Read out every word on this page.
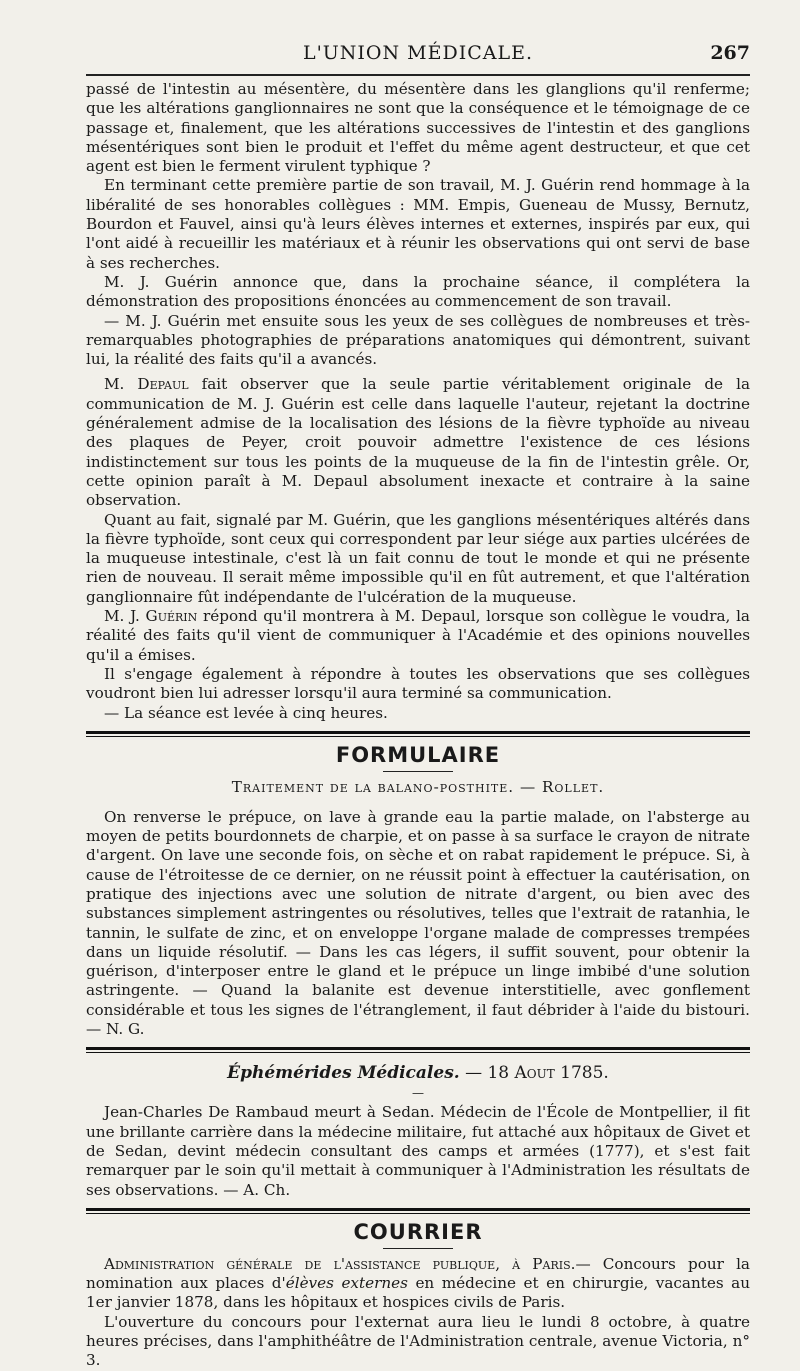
L'UNION MÉDICALE.	267

passé de l'intestin au mésentère, du mésentère dans les glanglions qu'il renferme; que les altérations ganglionnaires ne sont que la conséquence et le témoignage de ce passage et, finalement, que les altérations successives de l'intestin et des ganglions mésentériques sont bien le produit et l'effet du même agent destructeur, et que cet agent est bien le ferment virulent typhique ?

En terminant cette première partie de son travail, M. J. Guérin rend hommage à la libéralité de ses honorables collègues : MM. Empis, Gueneau de Mussy, Bernutz, Bourdon et Fauvel, ainsi qu'à leurs élèves internes et externes, inspirés par eux, qui l'ont aidé à recueillir les matériaux et à réunir les observations qui ont servi de base à ses recherches.

M. J. Guérin annonce que, dans la prochaine séance, il complétera la démonstration des propositions énoncées au commencement de son travail.

— M. J. Guérin met ensuite sous les yeux de ses collègues de nombreuses et très-remarquables photographies de préparations anatomiques qui démontrent, suivant lui, la réalité des faits qu'il a avancés.

M. Depaul fait observer que la seule partie véritablement originale de la communication de M. J. Guérin est celle dans laquelle l'auteur, rejetant la doctrine généralement admise de la localisation des lésions de la fièvre typhoïde au niveau des plaques de Peyer, croit pouvoir admettre l'existence de ces lésions indistinctement sur tous les points de la muqueuse de la fin de l'intestin grêle. Or, cette opinion paraît à M. Depaul absolument inexacte et contraire à la saine observation.

Quant au fait, signalé par M. Guérin, que les ganglions mésentériques altérés dans la fièvre typhoïde, sont ceux qui correspondent par leur siége aux parties ulcérées de la muqueuse intestinale, c'est là un fait connu de tout le monde et qui ne présente rien de nouveau. Il serait même impossible qu'il en fût autrement, et que l'altération ganglionnaire fût indépendante de l'ulcération de la muqueuse.

M. J. Guérin répond qu'il montrera à M. Depaul, lorsque son collègue le voudra, la réalité des faits qu'il vient de communiquer à l'Académie et des opinions nouvelles qu'il a émises.

Il s'engage également à répondre à toutes les observations que ses collègues voudront bien lui adresser lorsqu'il aura terminé sa communication.

— La séance est levée à cinq heures.

FORMULAIRE
Traitement de la balano-posthite. — Rollet.

On renverse le prépuce, on lave à grande eau la partie malade, on l'absterge au moyen de petits bourdonnets de charpie, et on passe à sa surface le crayon de nitrate d'argent. On lave une seconde fois, on sèche et on rabat rapidement le prépuce. Si, à cause de l'étroitesse de ce dernier, on ne réussit point à effectuer la cautérisation, on pratique des injections avec une solution de nitrate d'argent, ou bien avec des substances simplement astringentes ou résolutives, telles que l'extrait de ratanhia, le tannin, le sulfate de zinc, et on enveloppe l'organe malade de compresses trempées dans un liquide résolutif. — Dans les cas légers, il suffit souvent, pour obtenir la guérison, d'interposer entre le gland et le prépuce un linge imbibé d'une solution astringente. — Quand la balanite est devenue interstitielle, avec gonflement considérable et tous les signes de l'étranglement, il faut débrider à l'aide du bistouri. — N. G.

Éphémérides Médicales. — 18 Aout 1785.
—

Jean-Charles De Rambaud meurt à Sedan. Médecin de l'École de Montpellier, il fit une brillante carrière dans la médecine militaire, fut attaché aux hôpitaux de Givet et de Sedan, devint médecin consultant des camps et armées (1777), et s'est fait remarquer par le soin qu'il mettait à communiquer à l'Administration les résultats de ses observations. — A. Ch.

COURRIER

Administration générale de l'assistance publique, à Paris.— Concours pour la nomination aux places d'élèves externes en médecine et en chirurgie, vacantes au 1er janvier 1878, dans les hôpitaux et hospices civils de Paris.

L'ouverture du concours pour l'externat aura lieu le lundi 8 octobre, à quatre heures précises, dans l'amphithéâtre de l'Administration centrale, avenue Victoria, n° 3.
